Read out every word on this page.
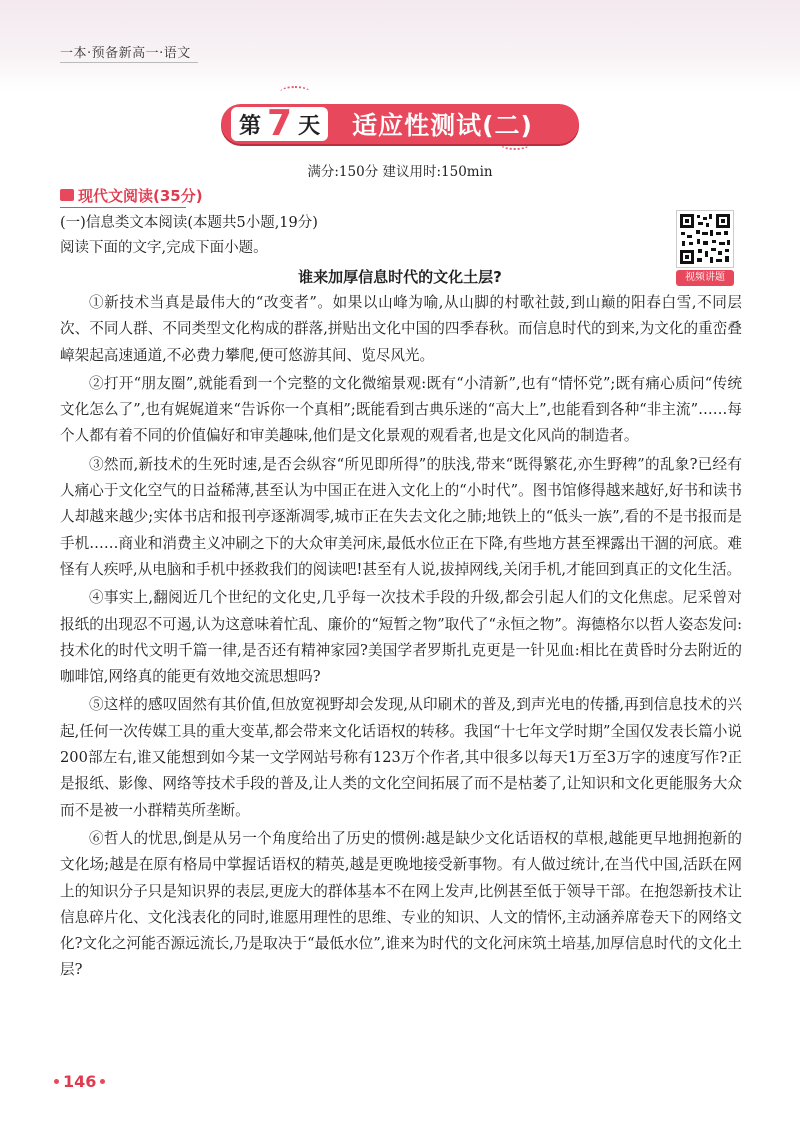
一本·预备新高一·语文
第 7 天	适应性测试(二)
满分:150分 建议用时:150min
现代文阅读(35分)
(一)信息类文本阅读(本题共5小题,19分)
阅读下面的文字,完成下面小题。
视频讲题
谁来加厚信息时代的文化土层?

①新技术当真是最伟大的“改变者”。如果以山峰为喻,从山脚的村歌社鼓,到山巅的阳春白雪,不同层次、不同人群、不同类型文化构成的群落,拼贴出文化中国的四季春秋。而信息时代的到来,为文化的重峦叠嶂架起高速通道,不必费力攀爬,便可悠游其间、览尽风光。

②打开“朋友圈”,就能看到一个完整的文化微缩景观:既有“小清新”,也有“情怀党”;既有痛心质问“传统文化怎么了”,也有娓娓道来“告诉你一个真相”;既能看到古典乐迷的“高大上”,也能看到各种“非主流”……每个人都有着不同的价值偏好和审美趣味,他们是文化景观的观看者,也是文化风尚的制造者。

③然而,新技术的生死时速,是否会纵容“所见即所得”的肤浅,带来“既得繁花,亦生野稗”的乱象?已经有人痛心于文化空气的日益稀薄,甚至认为中国正在进入文化上的“小时代”。图书馆修得越来越好,好书和读书人却越来越少;实体书店和报刊亭逐渐凋零,城市正在失去文化之肺;地铁上的“低头一族”,看的不是书报而是手机……商业和消费主义冲刷之下的大众审美河床,最低水位正在下降,有些地方甚至裸露出干涸的河底。难怪有人疾呼,从电脑和手机中拯救我们的阅读吧!甚至有人说,拔掉网线,关闭手机,才能回到真正的文化生活。

④事实上,翻阅近几个世纪的文化史,几乎每一次技术手段的升级,都会引起人们的文化焦虑。尼采曾对报纸的出现忍不可遏,认为这意味着忙乱、廉价的“短暂之物”取代了“永恒之物”。海德格尔以哲人姿态发问:技术化的时代文明千篇一律,是否还有精神家园?美国学者罗斯扎克更是一针见血:相比在黄昏时分去附近的咖啡馆,网络真的能更有效地交流思想吗?

⑤这样的感叹固然有其价值,但放宽视野却会发现,从印刷术的普及,到声光电的传播,再到信息技术的兴起,任何一次传媒工具的重大变革,都会带来文化话语权的转移。我国“十七年文学时期”全国仅发表长篇小说200部左右,谁又能想到如今某一文学网站号称有123万个作者,其中很多以每天1万至3万字的速度写作?正是报纸、影像、网络等技术手段的普及,让人类的文化空间拓展了而不是枯萎了,让知识和文化更能服务大众而不是被一小群精英所垄断。

⑥哲人的忧思,倒是从另一个角度给出了历史的惯例:越是缺少文化话语权的草根,越能更早地拥抱新的文化场;越是在原有格局中掌握话语权的精英,越是更晚地接受新事物。有人做过统计,在当代中国,活跃在网上的知识分子只是知识界的表层,更庞大的群体基本不在网上发声,比例甚至低于领导干部。在抱怨新技术让信息碎片化、文化浅表化的同时,谁愿用理性的思维、专业的知识、人文的情怀,主动涵养席卷天下的网络文化?文化之河能否源远流长,乃是取决于“最低水位”,谁来为时代的文化河床筑土培基,加厚信息时代的文化土层?

146
